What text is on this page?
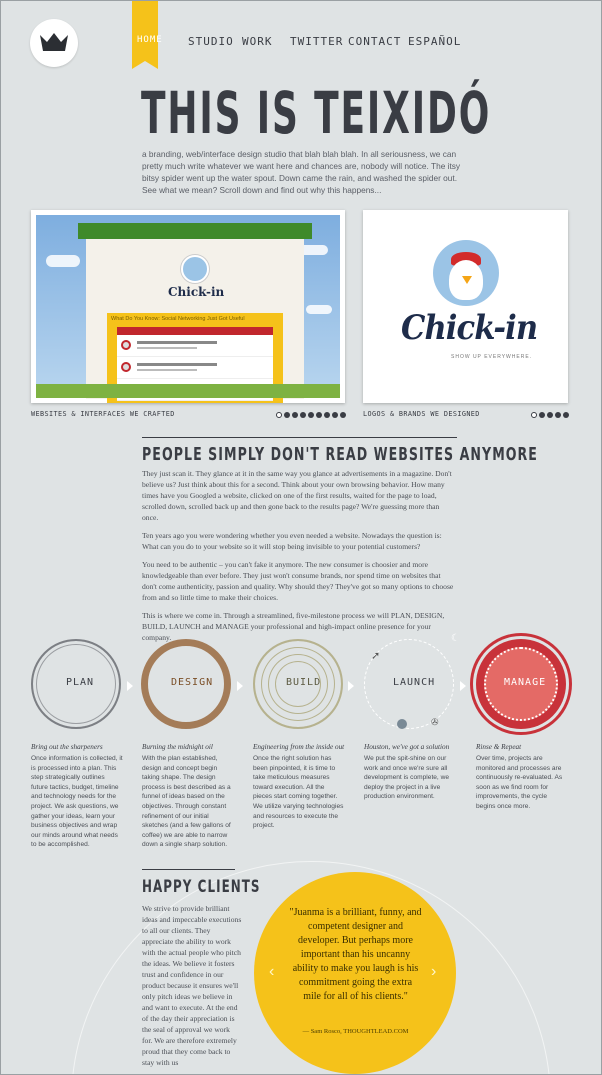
HOME STUDIO WORK TWITTER CONTACT ESPAÑOL
THIS IS TEIXIDÓ

a branding, web/interface design studio that blah blah blah. In all seriousness, we can pretty much write whatever we want here and chances are, nobody will notice. The itsy bitsy spider went up the water spout. Down came the rain, and washed the spider out. See what we mean? Scroll down and find out why this happens...

Chick-in
What Do You Know: Social Networking Just Got Useful	Chick-in
SHOW UP EVERYWHERE.
WEBSITES & INTERFACES WE CRAFTED	LOGOS & BRANDS WE DESIGNED
PEOPLE SIMPLY DON'T READ WEBSITES ANYMORE

They just scan it. They glance at it in the same way you glance at advertisements in a magazine. Don't believe us? Just think about this for a second. Think about your own browsing behavior. How many times have you Googled a website, clicked on one of the first results, waited for the page to load, scrolled down, scrolled back up and then gone back to the results page? We're guessing more than once.

Ten years ago you were wondering whether you even needed a website. Nowadays the question is: What can you do to your website so it will stop being invisible to your potential customers?

You need to be authentic – you can't fake it anymore. The new consumer is choosier and more knowledgeable than ever before. They just won't consume brands, nor spend time on websites that don't come authenticity, passion and quality. Why should they? They've got so many options to choose from and so little time to make their choices.

This is where we come in. Through a streamlined, five-milestone process we will PLAN, DESIGN, BUILD, LAUNCH and MANAGE your professional and high-impact online presence for your company.

PLAN	DESIGN	BUILD	LAUNCH
➚
☾
✇
MANAGE
Bring out the sharpeners

Once information is collected, it is processed into a plan. This step strategically outlines future tactics, budget, timeline and technology needs for the project. We ask questions, we gather your ideas, learn your business objectives and wrap our minds around what needs to be accomplished.

Burning the midnight oil

With the plan established, design and concept begin taking shape. The design process is best described as a funnel of ideas based on the objectives. Through constant refinement of our initial sketches (and a few gallons of coffee) we are able to narrow down a single sharp solution.

Engineering from the inside out

Once the right solution has been pinpointed, it is time to take meticulous measures toward execution. All the pieces start coming together. We utilize varying technologies and resources to execute the project.

Houston, we've got a solution

We put the spit-shine on our work and once we're sure all development is complete, we deploy the project in a live production environment.

Rinse & Repeat

Over time, projects are monitored and processes are continuously re-evaluated. As soon as we find room for improvements, the cycle begins once more.

HAPPY CLIENTS

We strive to provide brilliant ideas and impeccable executions to all our clients. They appreciate the ability to work with the actual people who pitch the ideas. We believe it fosters trust and confidence in our product because it ensures we'll only pitch ideas we believe in and want to execute. At the end of the day their appreciation is the seal of approval we work for. We are therefore extremely proud that they come back to stay with us

‹	›

"Juanma is a brilliant, funny, and competent designer and developer. But perhaps more important than his uncanny ability to make you laugh is his commitment going the extra mile for all of his clients."

— Sam Rosco, THOUGHTLEAD.COM
